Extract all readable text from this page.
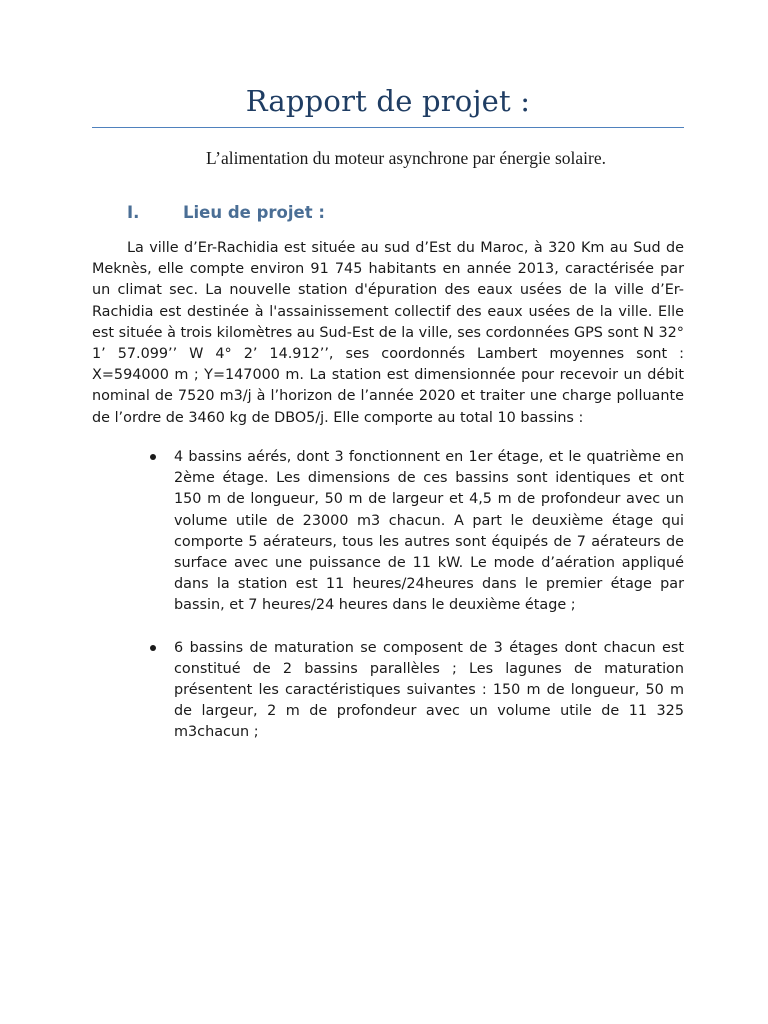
Rapport de projet :

L’alimentation du moteur asynchrone par énergie solaire.

I.	Lieu de projet :

La ville d’Er-Rachidia est située au sud d’Est du Maroc, à 320 Km au Sud de Meknès, elle compte environ 91 745 habitants en année 2013, caractérisée par un climat sec. La nouvelle station d'épuration des eaux usées de la ville d’Er-Rachidia est destinée à l'assainissement collectif des eaux usées de la ville. Elle est située à trois kilomètres au Sud-Est de la ville, ses cordonnées GPS sont N 32° 1’ 57.099’’ W 4° 2’ 14.912’’, ses coordonnés Lambert moyennes sont : X=594000 m ; Y=147000 m. La station est dimensionnée pour recevoir un débit nominal de 7520 m3/j à l’horizon de l’année 2020 et traiter une charge polluante de l’ordre de 3460 kg de DBO5/j. Elle comporte au total 10 bassins :

4 bassins aérés, dont 3 fonctionnent en 1er étage, et le quatrième en 2ème étage. Les dimensions de ces bassins sont identiques et ont 150 m de longueur, 50 m de largeur et 4,5 m de profondeur avec un volume utile de 23000 m3 chacun. A part le deuxième étage qui comporte 5 aérateurs, tous les autres sont équipés de 7 aérateurs de surface avec une puissance de 11 kW. Le mode d’aération appliqué dans la station est 11 heures/24heures dans le premier étage par bassin, et 7 heures/24 heures dans le deuxième étage ;
6 bassins de maturation se composent de 3 étages dont chacun est constitué de 2 bassins parallèles ; Les lagunes de maturation présentent les caractéristiques suivantes : 150 m de longueur, 50 m de largeur, 2 m de profondeur avec un volume utile de 11 325 m3chacun ;
